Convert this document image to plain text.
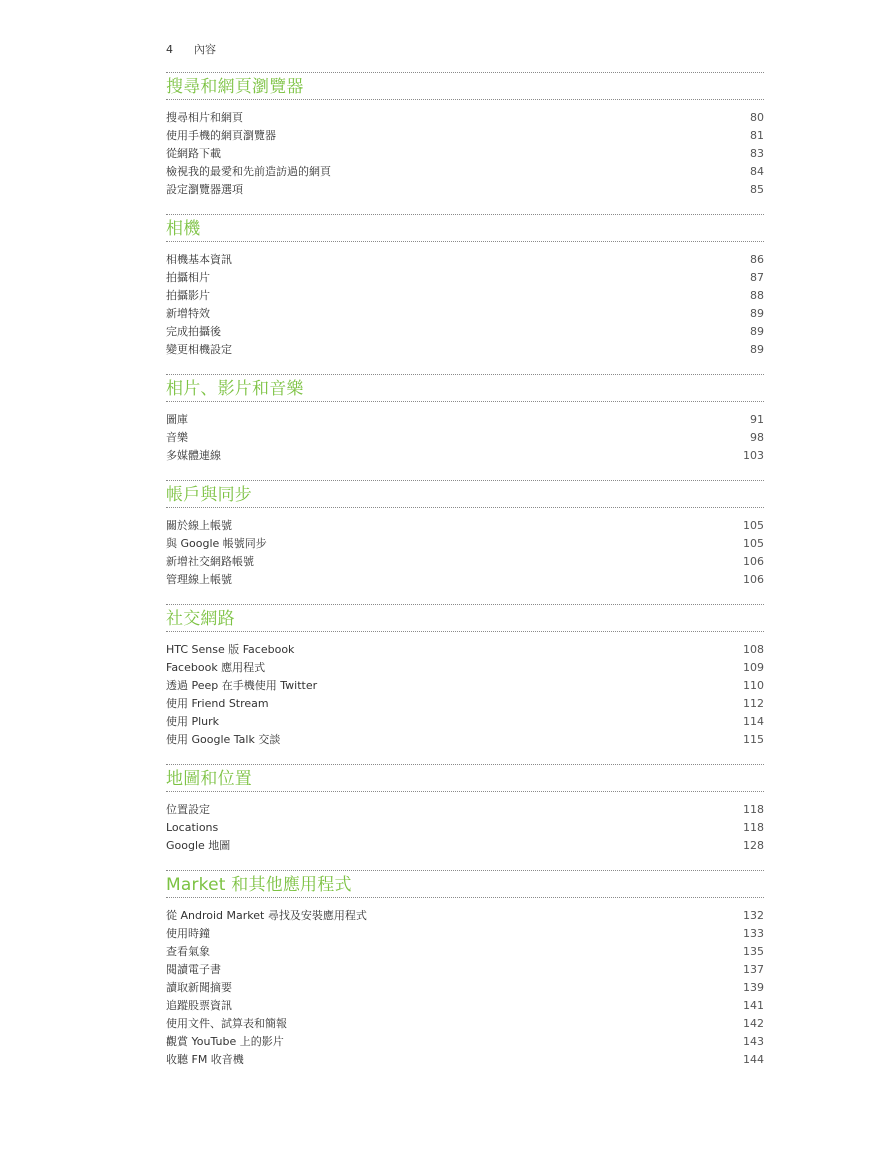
4 內容
搜尋和網頁瀏覽器
搜尋相片和網頁	80
使用手機的網頁瀏覽器	81
從網路下載	83
檢視我的最愛和先前造訪過的網頁	84
設定瀏覽器選項	85
相機
相機基本資訊	86
拍攝相片	87
拍攝影片	88
新增特效	89
完成拍攝後	89
變更相機設定	89
相片、影片和音樂
圖庫	91
音樂	98
多媒體連線	103
帳戶與同步
關於線上帳號	105
與 Google 帳號同步	105
新增社交網路帳號	106
管理線上帳號	106
社交網路
HTC Sense 版 Facebook	108
Facebook 應用程式	109
透過 Peep 在手機使用 Twitter	110
使用 Friend Stream	112
使用 Plurk	114
使用 Google Talk 交談	115
地圖和位置
位置設定	118
Locations	118
Google 地圖	128
Market 和其他應用程式
從 Android Market 尋找及安裝應用程式	132
使用時鐘	133
查看氣象	135
閱讀電子書	137
讀取新聞摘要	139
追蹤股票資訊	141
使用文件、試算表和簡報	142
觀賞 YouTube 上的影片	143
收聽 FM 收音機	144
